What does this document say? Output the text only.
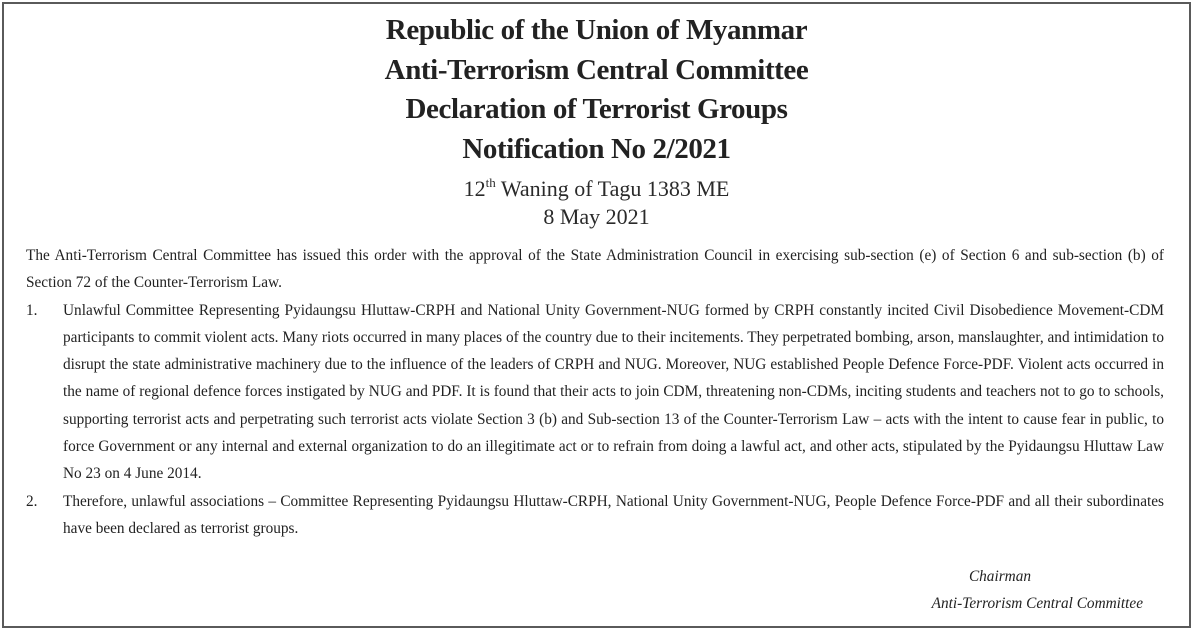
Republic of the Union of Myanmar
Anti-Terrorism Central Committee
Declaration of Terrorist Groups
Notification No 2/2021
12th Waning of Tagu 1383 ME
8 May 2021

The Anti-Terrorism Central Committee has issued this order with the approval of the State Administration Council in exercising sub-section (e) of Section 6 and sub-section (b) of Section 72 of the Counter-Terrorism Law.

1. Unlawful Committee Representing Pyidaungsu Hluttaw-CRPH and National Unity Government-NUG formed by CRPH constantly incited Civil Disobedience Movement-CDM participants to commit violent acts. Many riots occurred in many places of the country due to their incitements. They perpetrated bombing, arson, manslaughter, and intimidation to disrupt the state administrative machinery due to the influence of the leaders of CRPH and NUG. Moreover, NUG established People Defence Force-PDF. Violent acts occurred in the name of regional defence forces instigated by NUG and PDF. It is found that their acts to join CDM, threatening non-CDMs, inciting students and teachers not to go to schools, supporting terrorist acts and perpetrating such terrorist acts violate Section 3 (b) and Sub-section 13 of the Counter-Terrorism Law – acts with the intent to cause fear in public, to force Government or any internal and external organization to do an illegitimate act or to refrain from doing a lawful act, and other acts, stipulated by the Pyidaungsu Hluttaw Law No 23 on 4 June 2014.
2. Therefore, unlawful associations – Committee Representing Pyidaungsu Hluttaw-CRPH, National Unity Government-NUG, People Defence Force-PDF and all their subordinates have been declared as terrorist groups.
Chairman
Anti-Terrorism Central Committee
